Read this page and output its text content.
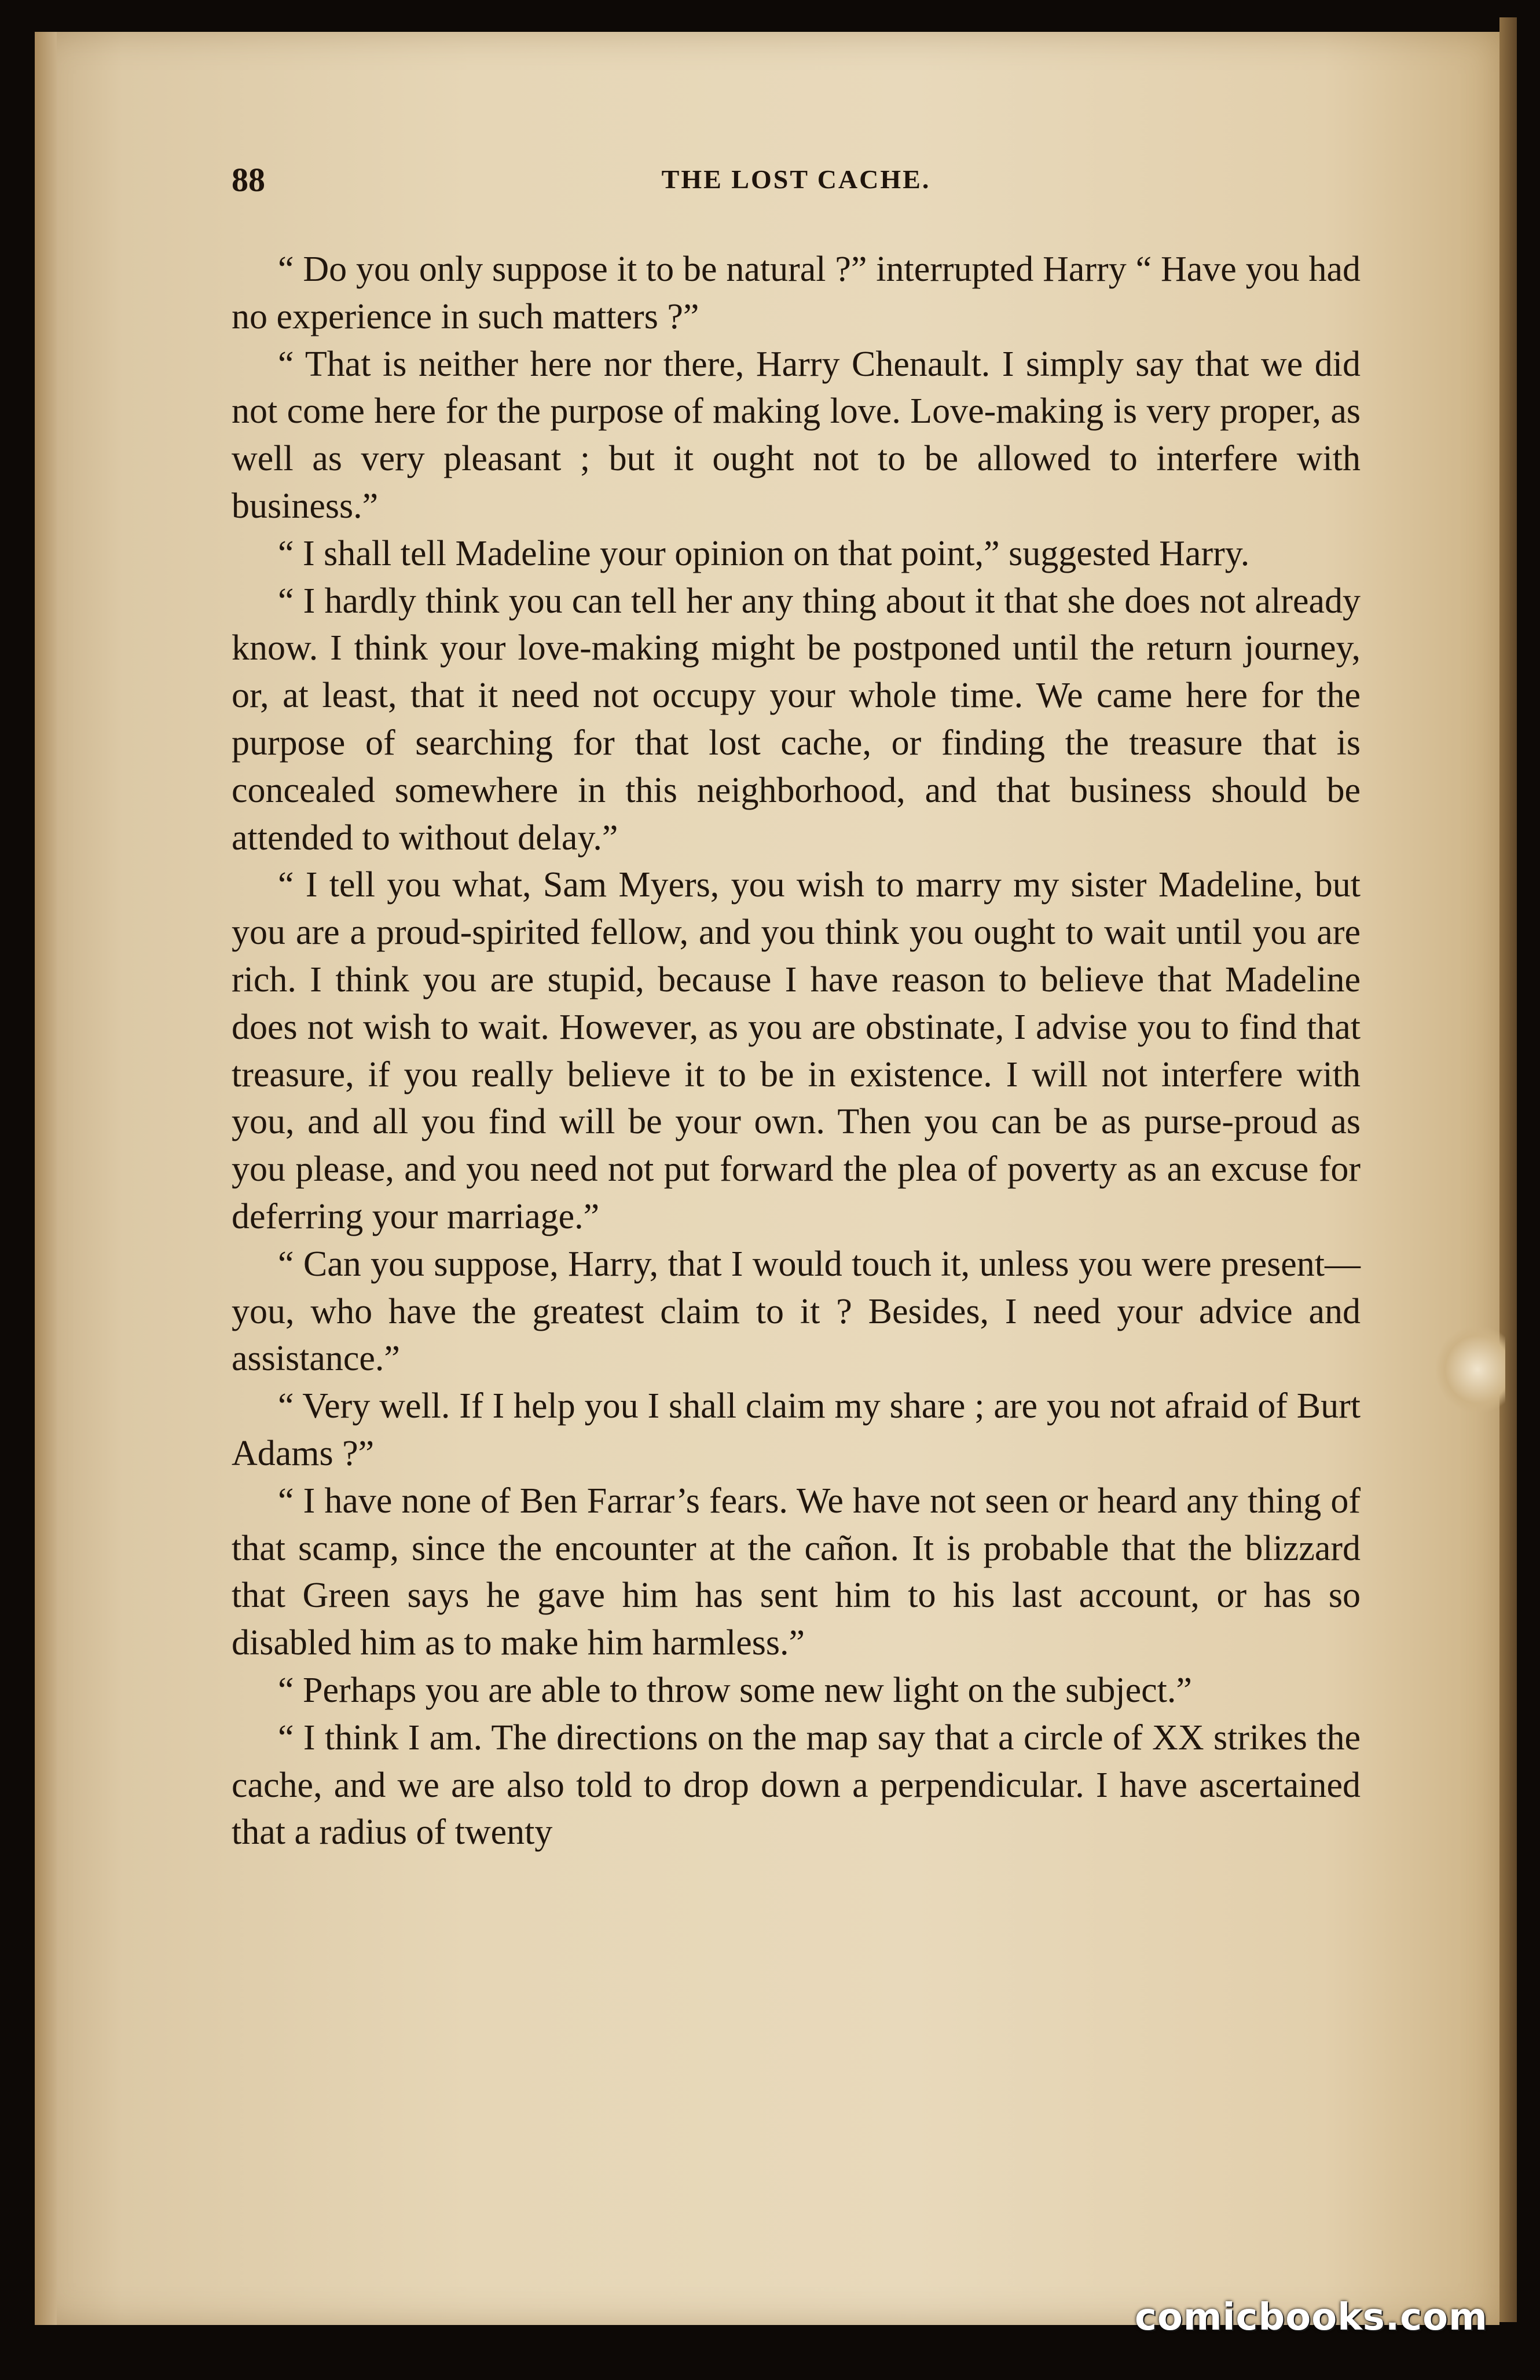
88	THE LOST CACHE.

“ Do you only suppose it to be natural ?” interrupted Harry “ Have you had no experience in such matters ?”

“ That is neither here nor there, Harry Chenault. I simply say that we did not come here for the purpose of making love. Love-making is very proper, as well as very pleasant ; but it ought not to be allowed to interfere with business.”

“ I shall tell Madeline your opinion on that point,” suggested Harry.

“ I hardly think you can tell her any thing about it that she does not already know. I think your love-making might be postponed until the return journey, or, at least, that it need not occupy your whole time. We came here for the purpose of searching for that lost cache, or finding the treasure that is concealed somewhere in this neighborhood, and that business should be attended to without delay.”

“ I tell you what, Sam Myers, you wish to marry my sister Madeline, but you are a proud-spirited fellow, and you think you ought to wait until you are rich. I think you are stupid, because I have reason to believe that Madeline does not wish to wait. However, as you are obstinate, I advise you to find that treasure, if you really believe it to be in existence. I will not interfere with you, and all you find will be your own. Then you can be as purse-proud as you please, and you need not put forward the plea of poverty as an excuse for deferring your marriage.”

“ Can you suppose, Harry, that I would touch it, unless you were present—you, who have the greatest claim to it ? Besides, I need your advice and assistance.”

“ Very well. If I help you I shall claim my share ; are you not afraid of Burt Adams ?”

“ I have none of Ben Farrar’s fears. We have not seen or heard any thing of that scamp, since the encounter at the cañon. It is probable that the blizzard that Green says he gave him has sent him to his last account, or has so disabled him as to make him harmless.”

“ Perhaps you are able to throw some new light on the subject.”

“ I think I am. The directions on the map say that a circle of XX strikes the cache, and we are also told to drop down a perpendicular. I have ascertained that a radius of twenty

comicbooks.com
